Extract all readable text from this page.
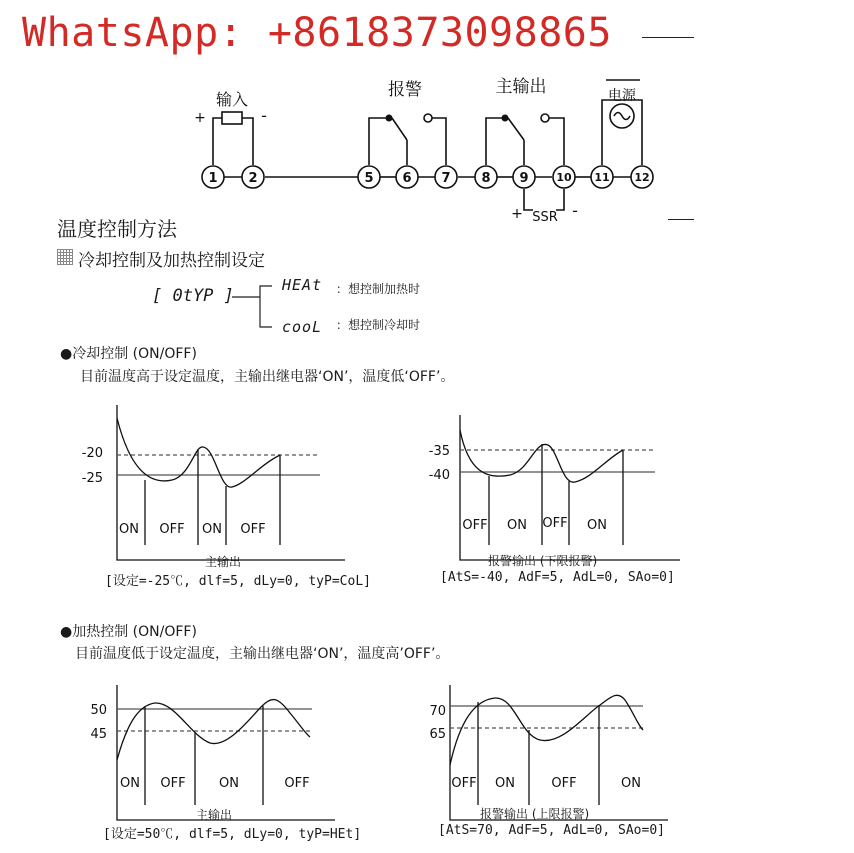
WhatsApp: +8618373098865
1 2	5 6 7 8 9	10 11 12
输入	报警	主输出	电源
+	-
+ SSR -
温度控制方法
冷却控制及加热控制设定
[ 0tYP ]
HEAt ：想控制加热时
cooL ：想控制冷却时
●冷却控制 (ON/OFF)
目前温度高于设定温度，主输出继电器‘ON’，温度低‘OFF’。
-20
-25
ON OFF ON OFF
主输出
[设定=-25℃, dlf=5, dLy=0, tyP=CoL]
-35
-40
OFF ON OFF ON
报警输出 (下限报警)
[AtS=-40, AdF=5, AdL=0, SAo=0]
●加热控制 (ON/OFF)
目前温度低于设定温度，主输出继电器‘ON’，温度高’OFF’。
50
45
ON OFF	ON	OFF
主输出
[设定=50℃, dlf=5, dLy=0, tyP=HEt]
70
65
OFF ON	OFF	ON
报警输出 (上限报警)
[AtS=70, AdF=5, AdL=0, SAo=0]
